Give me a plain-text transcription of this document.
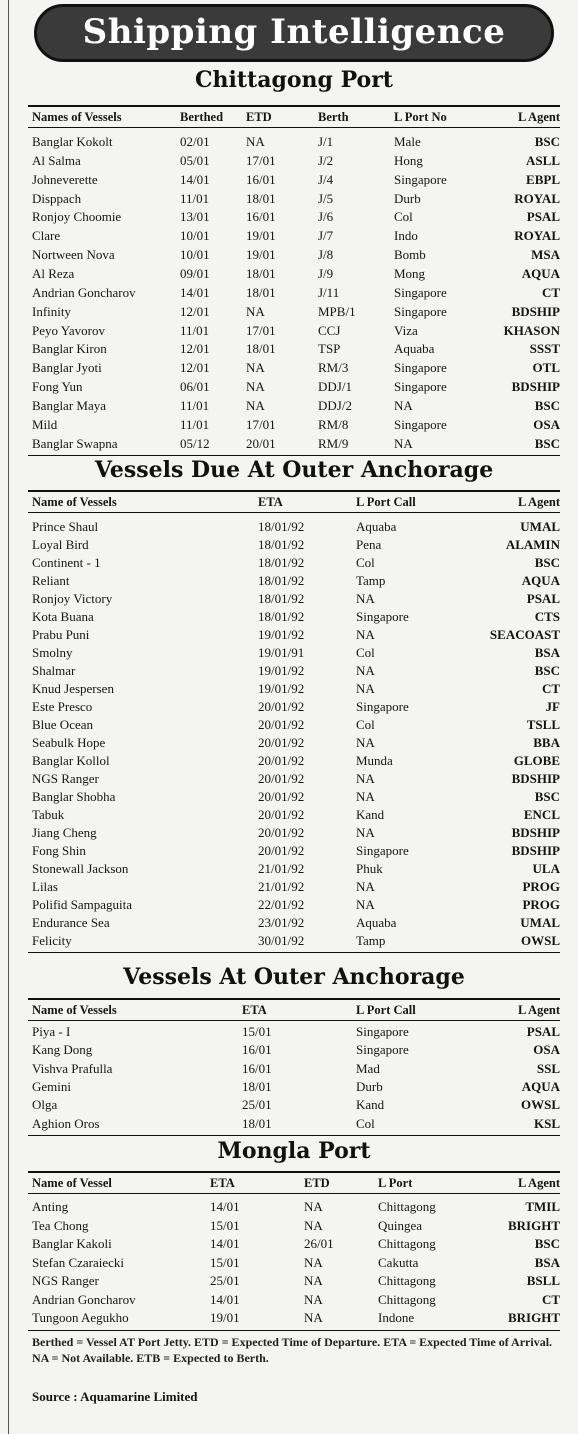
Shipping Intelligence
Chittagong Port
Names of Vessels	Berthed	ETD	Berth	L Port No	L Agent
Banglar Kokolt	02/01	NA	J/1	Male	BSC
Al Salma	05/01	17/01	J/2	Hong	ASLL
Johneverette	14/01	16/01	J/4	Singapore	EBPL
Disppach	11/01	18/01	J/5	Durb	ROYAL
Ronjoy Choomie	13/01	16/01	J/6	Col	PSAL
Clare	10/01	19/01	J/7	Indo	ROYAL
Nortween Nova	10/01	19/01	J/8	Bomb	MSA
Al Reza	09/01	18/01	J/9	Mong	AQUA
Andrian Goncharov	14/01	18/01	J/11	Singapore	CT
Infinity	12/01	NA	MPB/1	Singapore	BDSHIP
Peyo Yavorov	11/01	17/01	CCJ	Viza	KHASON
Banglar Kiron	12/01	18/01	TSP	Aquaba	SSST
Banglar Jyoti	12/01	NA	RM/3	Singapore	OTL
Fong Yun	06/01	NA	DDJ/1	Singapore	BDSHIP
Banglar Maya	11/01	NA	DDJ/2	NA	BSC
Mild	11/01	17/01	RM/8	Singapore	OSA
Banglar Swapna	05/12	20/01	RM/9	NA	BSC
Vessels Due At Outer Anchorage
Name of Vessels	ETA	L Port Call	L Agent
Prince Shaul	18/01/92	Aquaba	UMAL
Loyal Bird	18/01/92	Pena	ALAMIN
Continent - 1	18/01/92	Col	BSC
Reliant	18/01/92	Tamp	AQUA
Ronjoy Victory	18/01/92	NA	PSAL
Kota Buana	18/01/92	Singapore	CTS
Prabu Puni	19/01/92	NA	SEACOAST
Smolny	19/01/91	Col	BSA
Shalmar	19/01/92	NA	BSC
Knud Jespersen	19/01/92	NA	CT
Este Presco	20/01/92	Singapore	JF
Blue Ocean	20/01/92	Col	TSLL
Seabulk Hope	20/01/92	NA	BBA
Banglar Kollol	20/01/92	Munda	GLOBE
NGS Ranger	20/01/92	NA	BDSHIP
Banglar Shobha	20/01/92	NA	BSC
Tabuk	20/01/92	Kand	ENCL
Jiang Cheng	20/01/92	NA	BDSHIP
Fong Shin	20/01/92	Singapore	BDSHIP
Stonewall Jackson	21/01/92	Phuk	ULA
Lilas	21/01/92	NA	PROG
Polifid Sampaguita	22/01/92	NA	PROG
Endurance Sea	23/01/92	Aquaba	UMAL
Felicity	30/01/92	Tamp	OWSL
Vessels At Outer Anchorage
Name of Vessels	ETA	L Port Call	L Agent
Piya - I	15/01	Singapore	PSAL
Kang Dong	16/01	Singapore	OSA
Vishva Prafulla	16/01	Mad	SSL
Gemini	18/01	Durb	AQUA
Olga	25/01	Kand	OWSL
Aghion Oros	18/01	Col	KSL
Mongla Port
Name of Vessel	ETA	ETD	L Port	L Agent
Anting	14/01	NA	Chittagong	TMIL
Tea Chong	15/01	NA	Quingea	BRIGHT
Banglar Kakoli	14/01	26/01	Chittagong	BSC
Stefan Czaraiecki	15/01	NA	Cakutta	BSA
NGS Ranger	25/01	NA	Chittagong	BSLL
Andrian Goncharov	14/01	NA	Chittagong	CT
Tungoon Aegukho	19/01	NA	Indone	BRIGHT
Berthed = Vessel AT Port Jetty. ETD = Expected Time of Departure. ETA = Expected Time of Arrival. NA = Not Available. ETB = Expected to Berth.
Source : Aquamarine Limited
